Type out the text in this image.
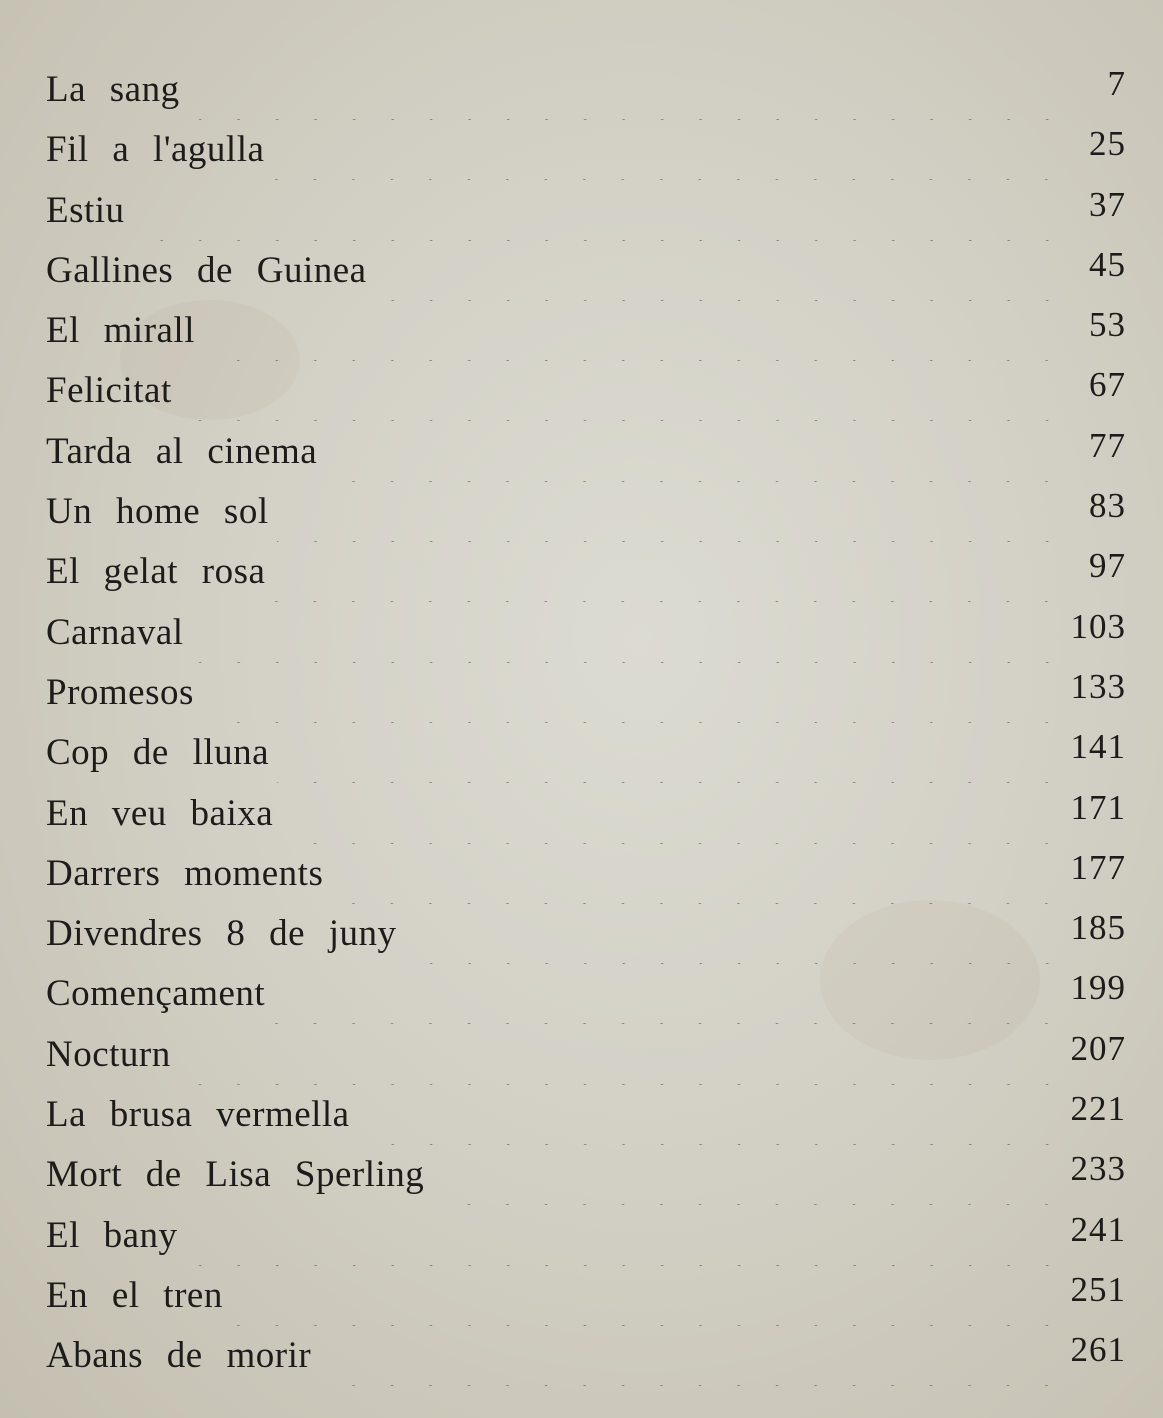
La sang	7
Fil a l'agulla	25
Estiu	37
Gallines de Guinea	45
El mirall	53
Felicitat	67
Tarda al cinema	77
Un home sol	83
El gelat rosa	97
Carnaval	103
Promesos	133
Cop de lluna	141
En veu baixa	171
Darrers moments	177
Divendres 8 de juny	185
Començament	199
Nocturn	207
La brusa vermella	221
Mort de Lisa Sperling	233
El bany	241
En el tren	251
Abans de morir	261
